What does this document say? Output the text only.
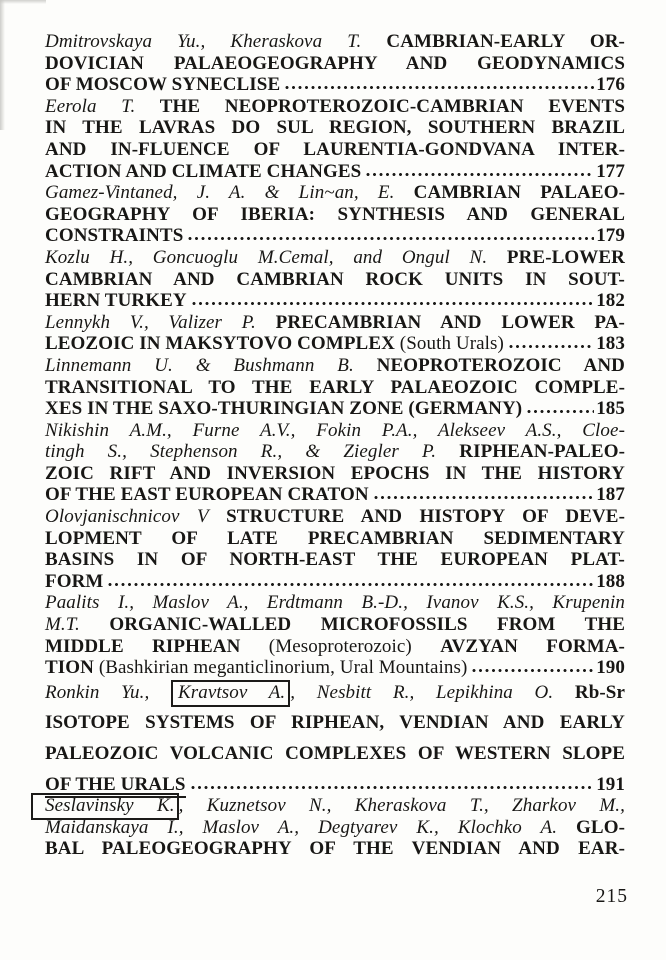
Dmitrovskaya Yu., Kheraskova T. CAMBRIAN-EARLY OR-
DOVICIAN PALAEOGEOGRAPHY AND GEODYNAMICS
OF MOSCOW SYNECLISE	176
Eerola T. THE NEOPROTEROZOIC-CAMBRIAN EVENTS
IN THE LAVRAS DO SUL REGION, SOUTHERN BRAZIL
AND IN-FLUENCE OF LAURENTIA-GONDVANA INTER-
ACTION AND CLIMATE CHANGES	177
Gamez-Vintaned, J. A. & Lin~an, E. CAMBRIAN PALAEO-
GEOGRAPHY OF IBERIA: SYNTHESIS AND GENERAL
CONSTRAINTS	179
Kozlu H., Goncuoglu M.Cemal, and Ongul N. PRE-LOWER
CAMBRIAN AND CAMBRIAN ROCK UNITS IN SOUT-
HERN TURKEY	182
Lennykh V., Valizer P. PRECAMBRIAN AND LOWER PA-
LEOZOIC IN MAKSYTOVO COMPLEX (South Urals)	183
Linnemann U. & Bushmann B. NEOPROTEROZOIC AND
TRANSITIONAL TO THE EARLY PALAEOZOIC COMPLE-
XES IN THE SAXO-THURINGIAN ZONE (GERMANY)	185
Nikishin A.M., Furne A.V., Fokin P.A., Alekseev A.S., Cloe-
tingh S., Stephenson R., & Ziegler P. RIPHEAN-PALEO-
ZOIC RIFT AND INVERSION EPOCHS IN THE HISTORY
OF THE EAST EUROPEAN CRATON	187
Olovjanischnicov V STRUCTURE AND HISTOPY OF DEVE-
LOPMENT OF LATE PRECAMBRIAN SEDIMENTARY
BASINS IN OF NORTH-EAST THE EUROPEAN PLAT-
FORM	188
Paalits I., Maslov A., Erdtmann B.-D., Ivanov K.S., Krupenin
M.T. ORGANIC-WALLED MICROFOSSILS FROM THE
MIDDLE RIPHEAN (Mesoproterozoic) AVZYAN FORMA-
TION (Bashkirian meganticlinorium, Ural Mountains)	190
Ronkin Yu., Kravtsov A. , Nesbitt R., Lepikhina O. Rb-Sr
ISOTOPE SYSTEMS OF RIPHEAN, VENDIAN AND EARLY
PALEOZOIC VOLCANIC COMPLEXES OF WESTERN SLOPE
OF THE URALS	191
Seslavinsky K. , Kuznetsov N., Kheraskova T., Zharkov M.,
Maidanskaya I., Maslov A., Degtyarev K., Klochko A. GLO-
BAL PALEOGEOGRAPHY OF THE VENDIAN AND EAR-
215
